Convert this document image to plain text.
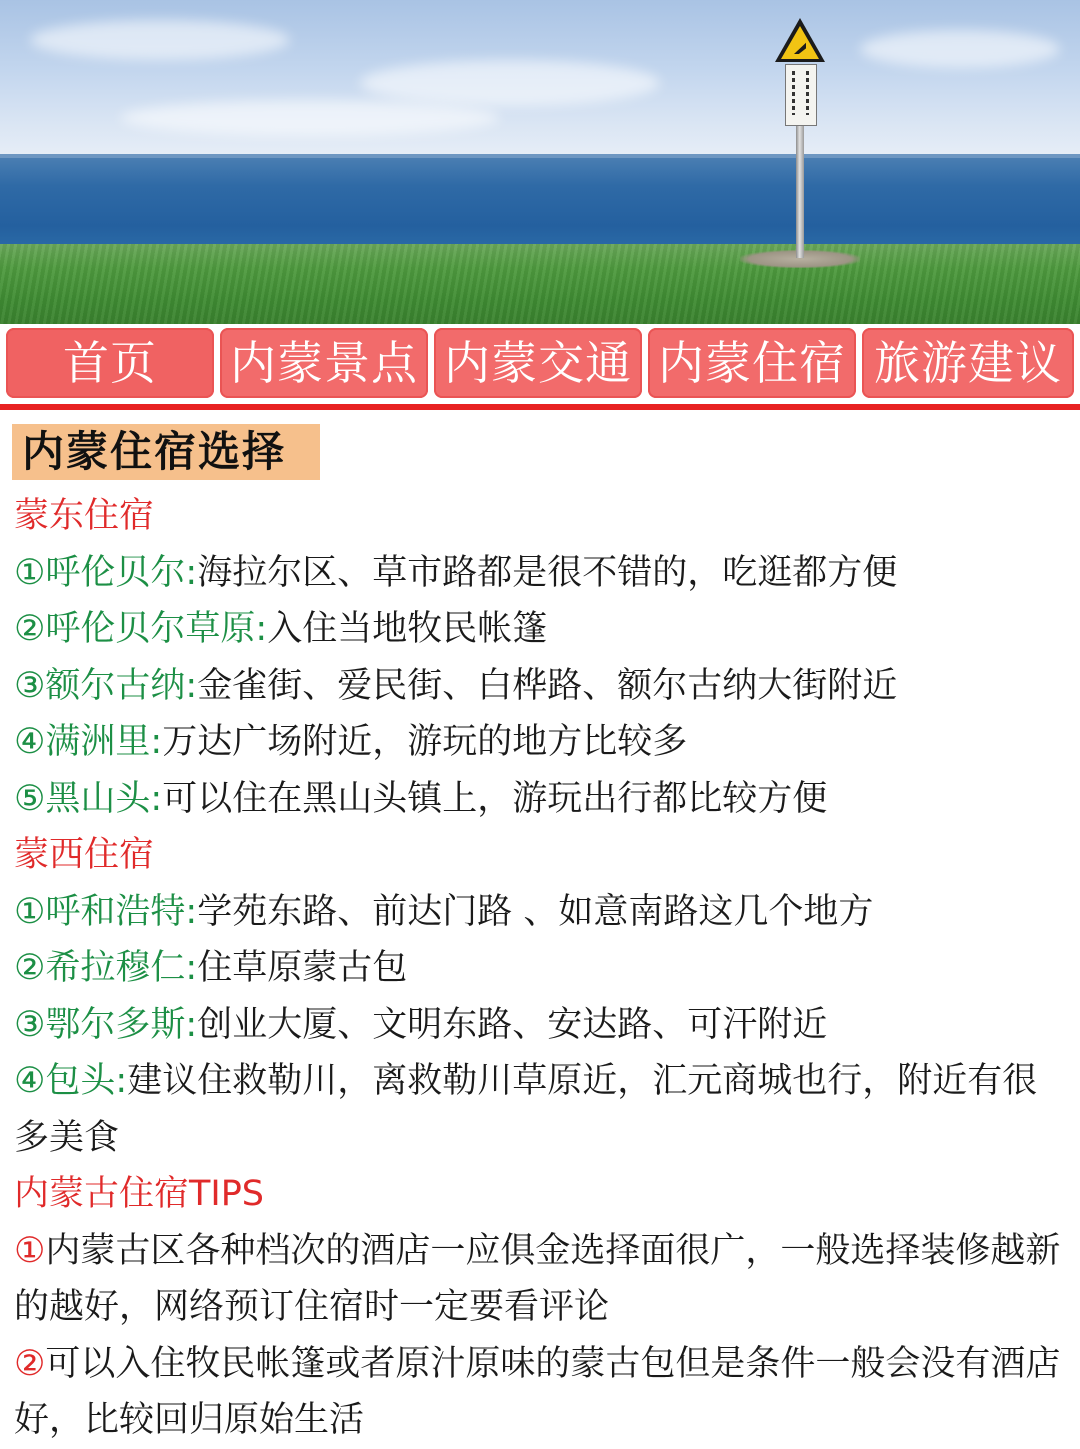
首页	内蒙景点 内蒙交通 内蒙住宿 旅游建议
内蒙住宿选择
蒙东住宿
①呼伦贝尔:海拉尔区、草市路都是很不错的，吃逛都方便
②呼伦贝尔草原:入住当地牧民帐篷
③额尔古纳:金雀街、爱民街、白桦路、额尔古纳大街附近
④满洲里:万达广场附近，游玩的地方比较多
⑤黑山头:可以住在黑山头镇上，游玩出行都比较方便
蒙西住宿
①呼和浩特:学苑东路、前达门路 、如意南路这几个地方
②希拉穆仁:住草原蒙古包
③鄂尔多斯:创业大厦、文明东路、安达路、可汗附近
④包头:建议住救勒川，离救勒川草原近，汇元商城也行，附近有很多美食
内蒙古住宿TIPS
①内蒙古区各种档次的酒店一应俱金选择面很广，一般选择装修越新的越好，网络预订住宿时一定要看评论
②可以入住牧民帐篷或者原汁原味的蒙古包但是条件一般会没有酒店好，比较回归原始生活
